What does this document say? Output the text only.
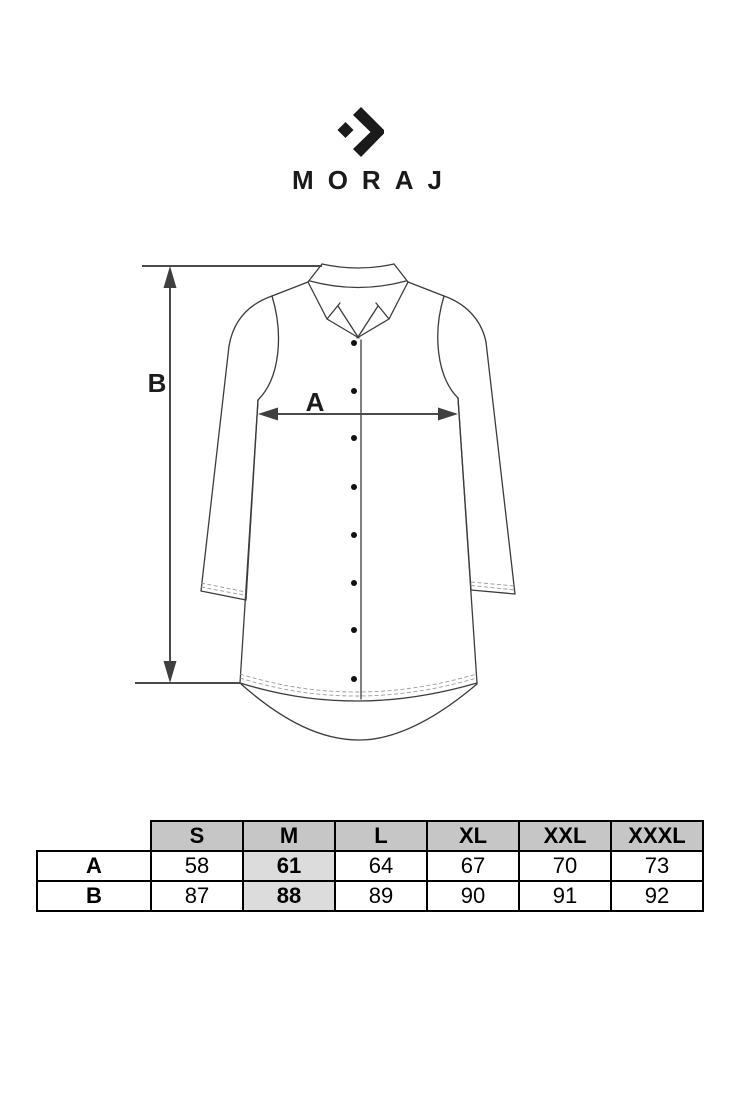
MORAJ
B
A
	S	M	L	XL	XXL	XXXL
A	58	61	64	67	70	73
B	87	88	89	90	91	92
